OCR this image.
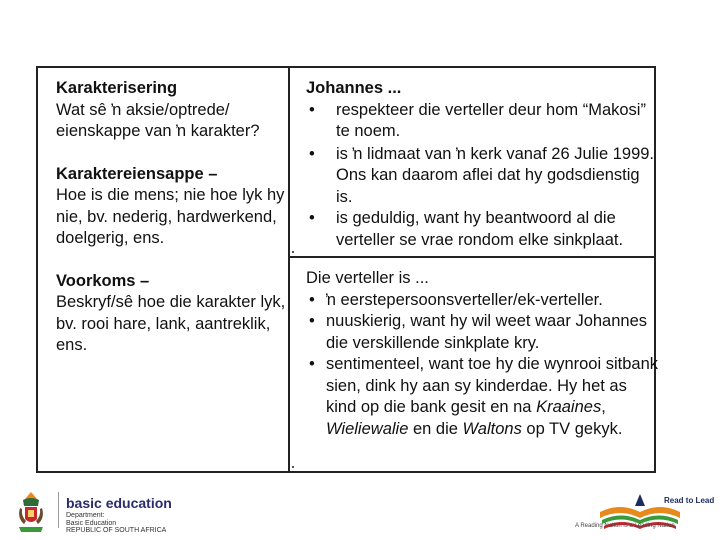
Karakterisering
Wat sê ŉ aksie/optrede/ eienskappe van ŉ karakter?
Karaktereiensappe –
Hoe is die mens; nie hoe lyk hy nie, bv. nederig, hardwerkend, doelgerig, ens.
Voorkoms –
Beskryf/sê hoe die karakter lyk, bv. rooi hare, lank, aantreklik, ens.
Johannes ...
• respekteer die verteller deur hom “Makosi” te noem.
• is ŉ lidmaat van ŉ kerk vanaf 26 Julie 1999. Ons kan daarom aflei dat hy godsdienstig is.
• is geduldig, want hy beantwoord al die verteller se vrae rondom elke sinkplaat.
Die verteller is ...
• ŉ eerstepersoonsverteller/ek-verteller.
• nuuskierig, want hy wil weet waar Johannes die verskillende sinkplate kry.
• sentimenteel, want toe hy die wynrooi sitbank sien, dink hy aan sy kinderdae. Hy het as kind op die bank gesit en na Kraaines, Wieliewalie en die Waltons op TV gekyk.
basic education
Department:
Basic Education
REPUBLIC OF SOUTH AFRICA
Read to Lead
A Reading Nation is a Leading Nation
